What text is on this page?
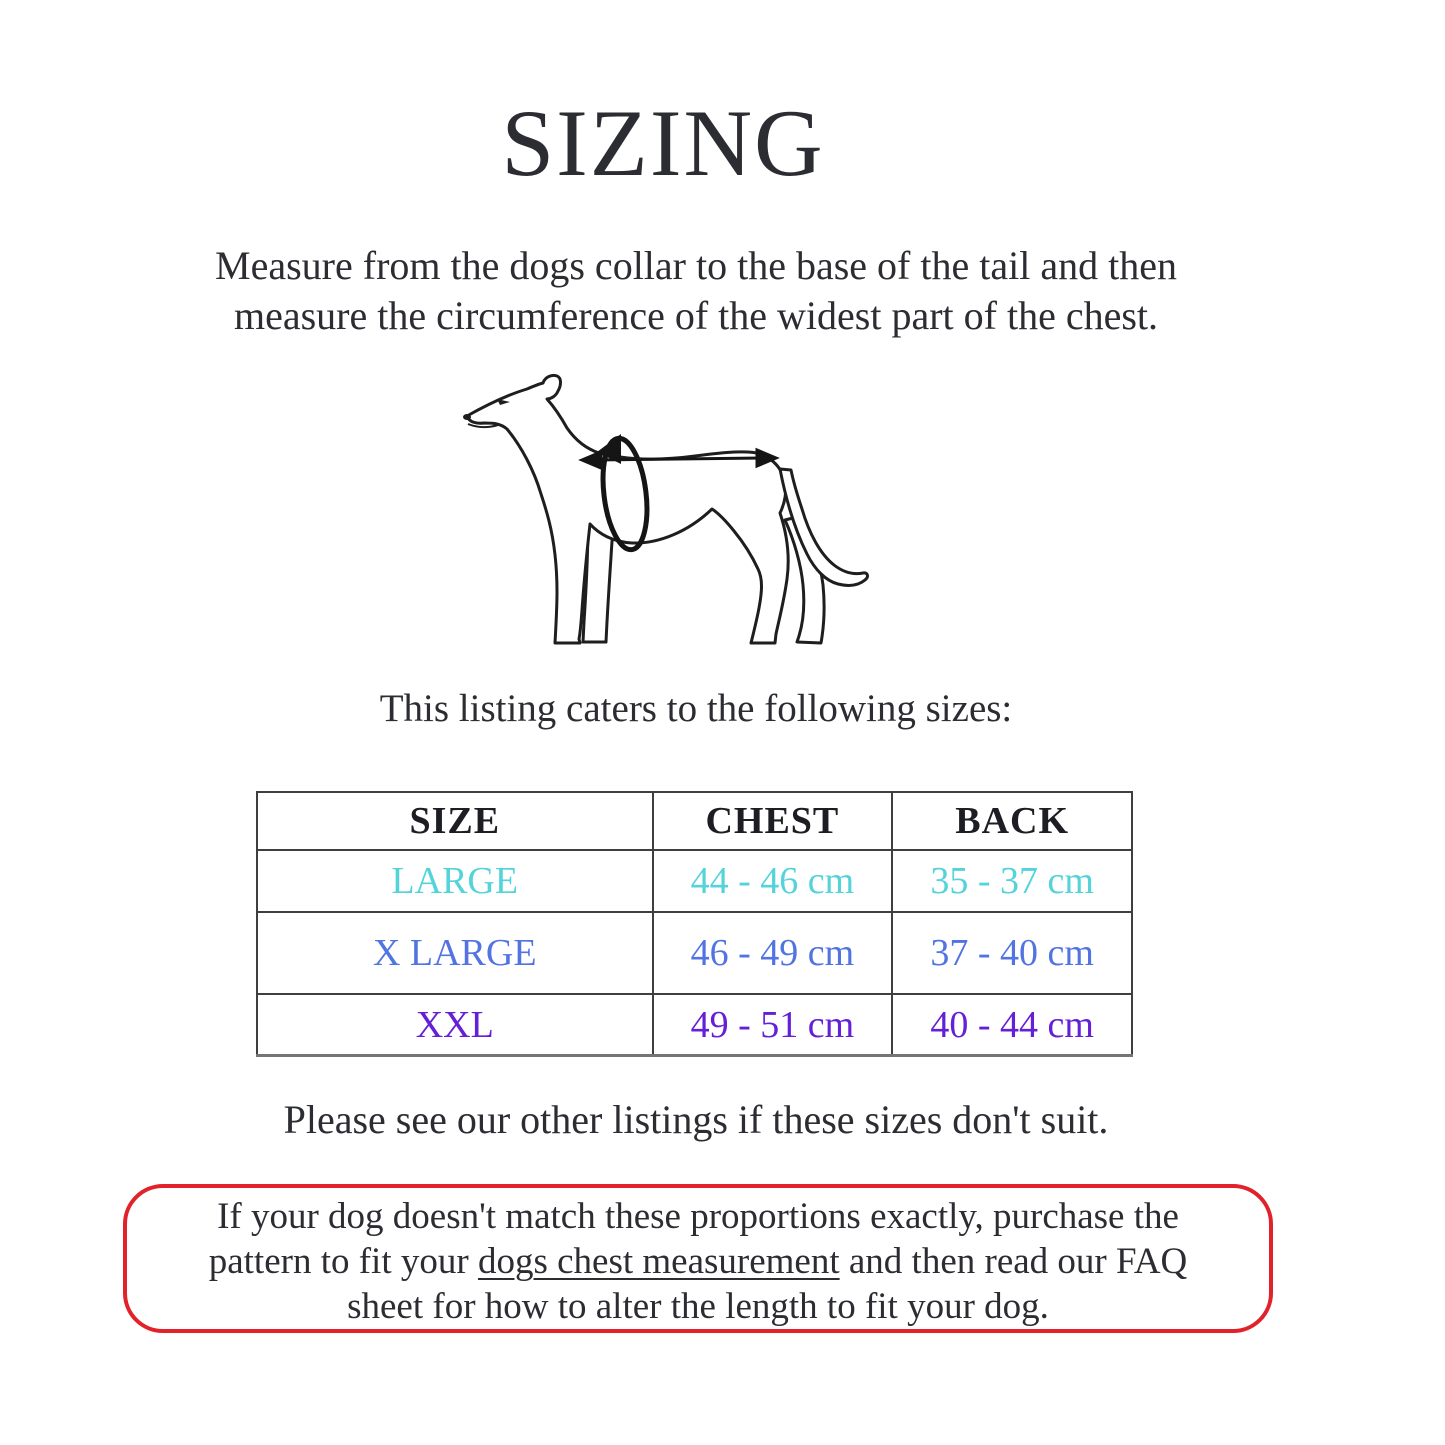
SIZING
Measure from the dogs collar to the base of the tail and then
measure the circumference of the widest part of the chest.
This listing caters to the following sizes:
SIZE	CHEST	BACK
LARGE	44 - 46 cm	35 - 37 cm
X LARGE	46 - 49 cm	37 - 40 cm
XXL	49 - 51 cm	40 - 44 cm
Please see our other listings if these sizes don't suit.
If your dog doesn't match these proportions exactly, purchase the
pattern to fit your dogs chest measurement and then read our FAQ
sheet for how to alter the length to fit your dog.
